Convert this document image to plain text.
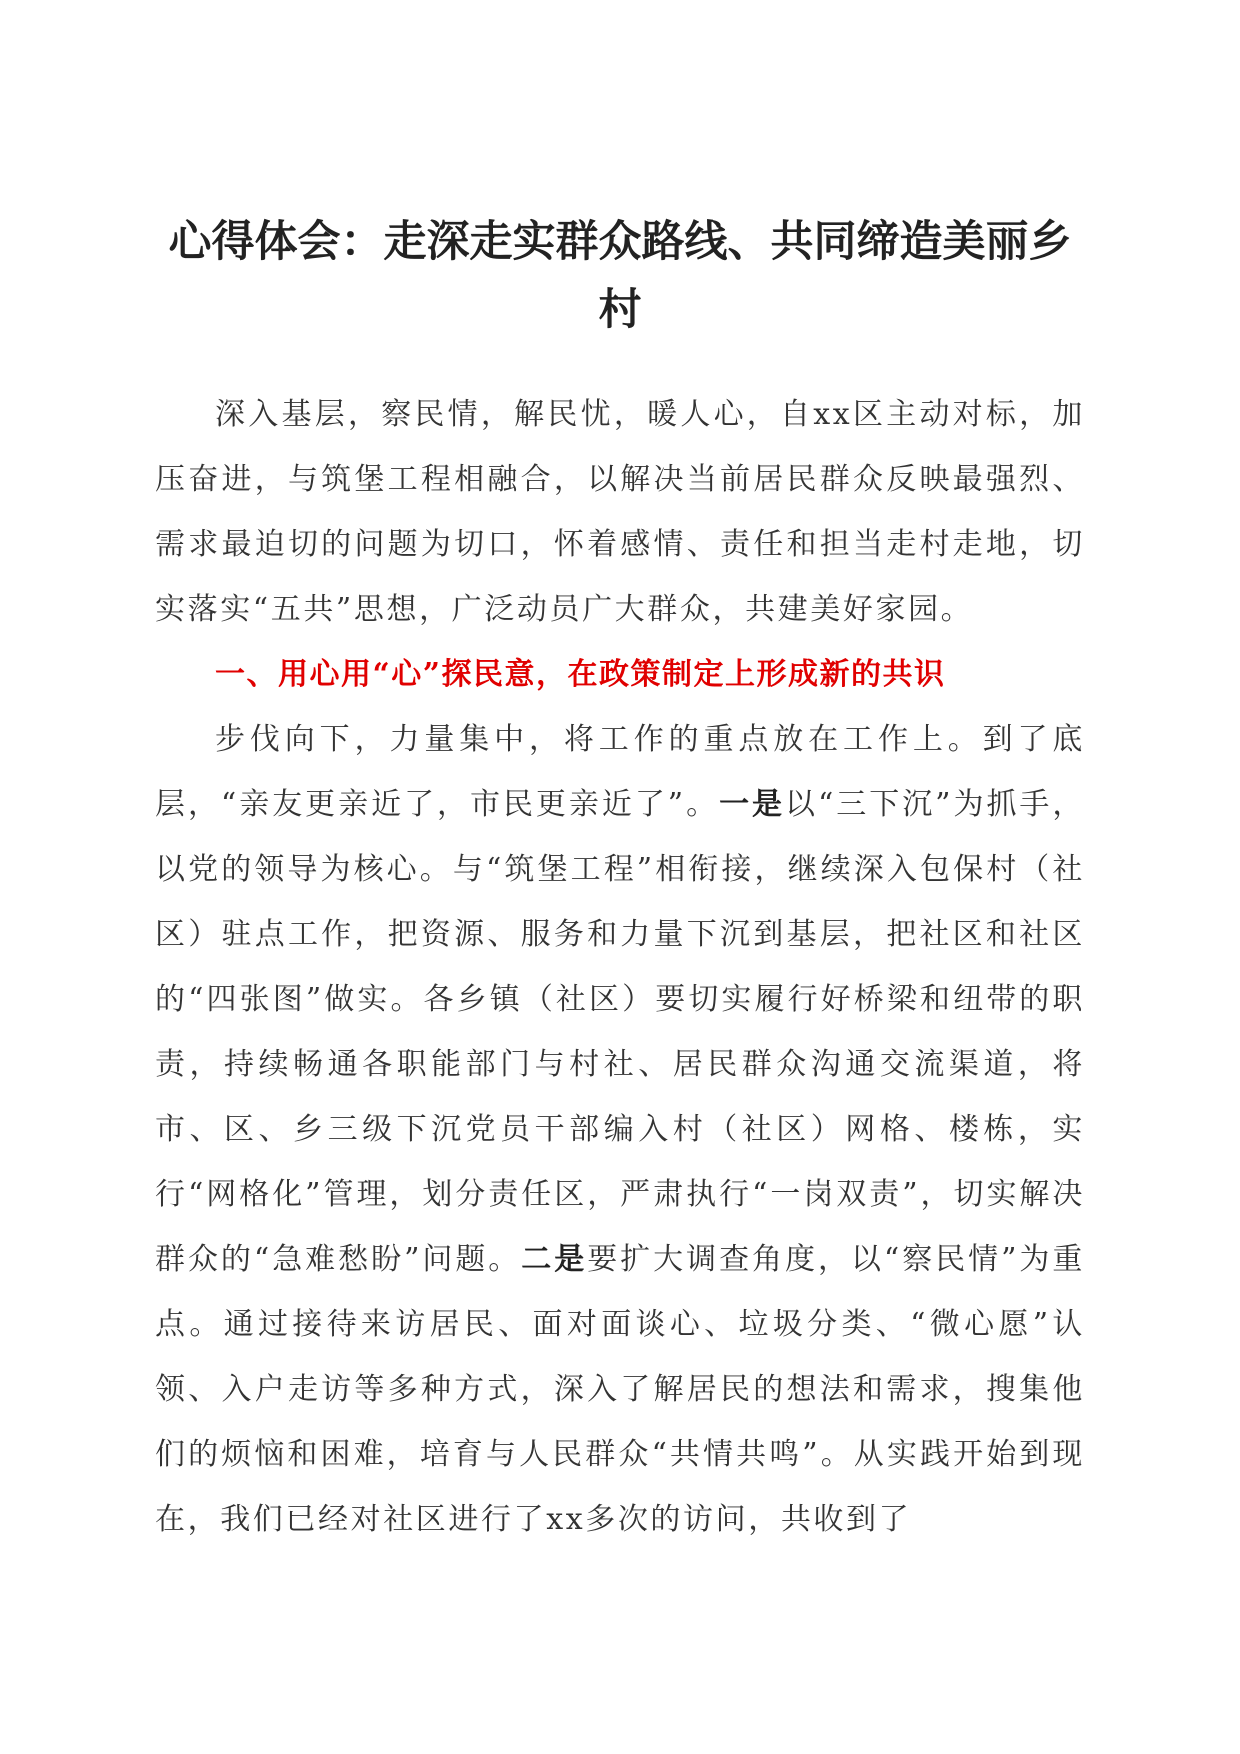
心得体会：走深走实群众路线、共同缔造美丽乡村

深入基层，察民情，解民忧，暖人心，自xx区主动对标，加压奋进，与筑堡工程相融合，以解决当前居民群众反映最强烈、需求最迫切的问题为切口，怀着感情、责任和担当走村走地，切实落实“五共”思想，广泛动员广大群众，共建美好家园。

一、用心用“心”探民意，在政策制定上形成新的共识

步伐向下，力量集中，将工作的重点放在工作上。到了底层，“亲友更亲近了，市民更亲近了”。一是以“三下沉”为抓手，以党的领导为核心。与“筑堡工程”相衔接，继续深入包保村（社区）驻点工作，把资源、服务和力量下沉到基层，把社区和社区的“四张图”做实。各乡镇（社区）要切实履行好桥梁和纽带的职责，持续畅通各职能部门与村社、居民群众沟通交流渠道，将市、区、乡三级下沉党员干部编入村（社区）网格、楼栋，实行“网格化”管理，划分责任区，严肃执行“一岗双责”，切实解决群众的“急难愁盼”问题。二是要扩大调查角度，以“察民情”为重点。通过接待来访居民、面对面谈心、垃圾分类、“微心愿”认领、入户走访等多种方式，深入了解居民的想法和需求，搜集他们的烦恼和困难，培育与人民群众“共情共鸣”。从实践开始到现在，我们已经对社区进行了xx多次的访问，共收到了
